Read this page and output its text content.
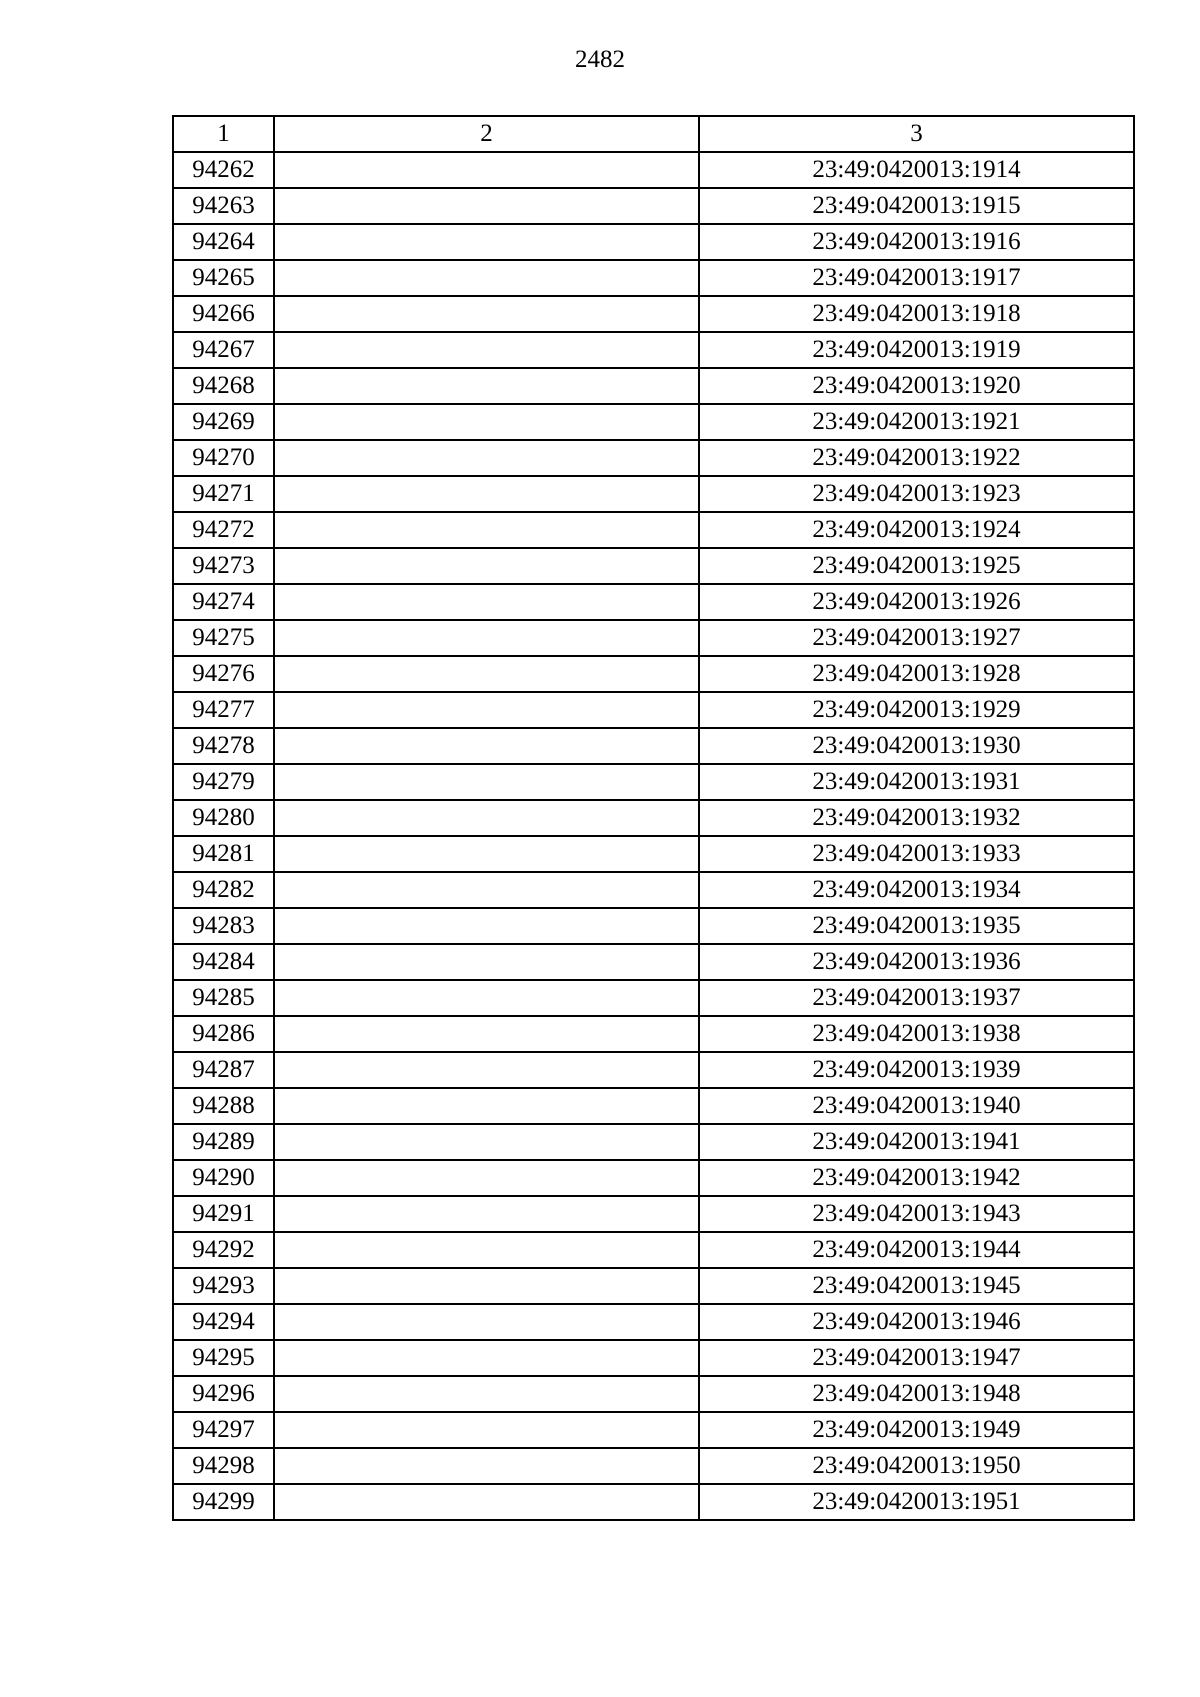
2482
1	2	3
94262		23:49:0420013:1914
94263		23:49:0420013:1915
94264		23:49:0420013:1916
94265		23:49:0420013:1917
94266		23:49:0420013:1918
94267		23:49:0420013:1919
94268		23:49:0420013:1920
94269		23:49:0420013:1921
94270		23:49:0420013:1922
94271		23:49:0420013:1923
94272		23:49:0420013:1924
94273		23:49:0420013:1925
94274		23:49:0420013:1926
94275		23:49:0420013:1927
94276		23:49:0420013:1928
94277		23:49:0420013:1929
94278		23:49:0420013:1930
94279		23:49:0420013:1931
94280		23:49:0420013:1932
94281		23:49:0420013:1933
94282		23:49:0420013:1934
94283		23:49:0420013:1935
94284		23:49:0420013:1936
94285		23:49:0420013:1937
94286		23:49:0420013:1938
94287		23:49:0420013:1939
94288		23:49:0420013:1940
94289		23:49:0420013:1941
94290		23:49:0420013:1942
94291		23:49:0420013:1943
94292		23:49:0420013:1944
94293		23:49:0420013:1945
94294		23:49:0420013:1946
94295		23:49:0420013:1947
94296		23:49:0420013:1948
94297		23:49:0420013:1949
94298		23:49:0420013:1950
94299		23:49:0420013:1951
